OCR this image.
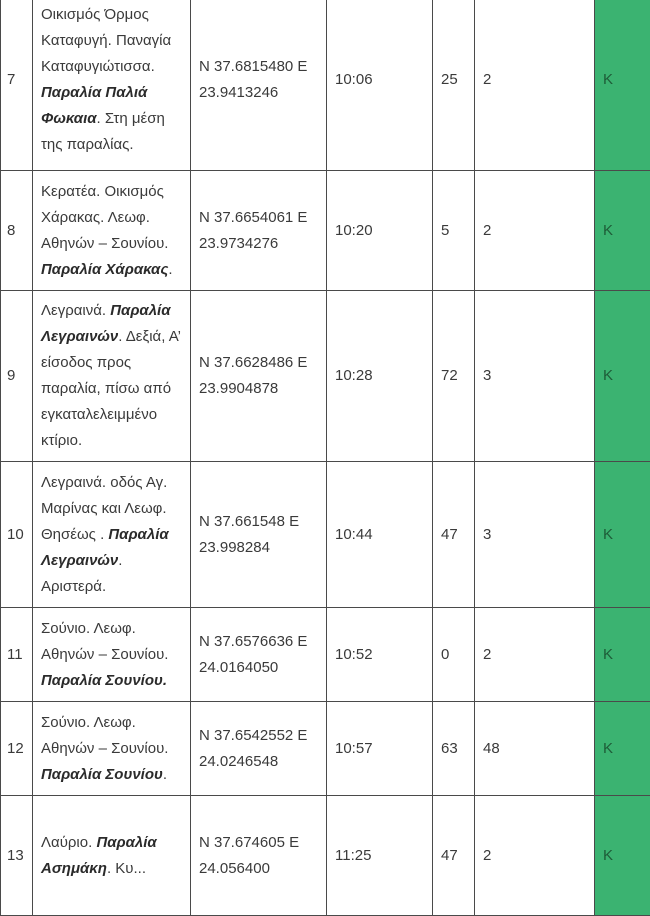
7	Οικισμός Όρμος Καταφυγή. Παναγία Καταφυγιώτισσα. Παραλία Παλιά Φωκαια. Στη μέση της παραλίας.	N 37.6815480 E 23.9413246	10:06	25	2	K
8	Κερατέα. Οικισμός Χάρακας. Λεωφ. Αθηνών – Σουνίου. Παραλία Χάρακας.	N 37.6654061 E 23.9734276	10:20	5	2	K
9	Λεγραινά. Παραλία Λεγραινών. Δεξιά, Α’ είσοδος προς παραλία, πίσω από εγκαταλελειμμένο κτίριο.	N 37.6628486 E 23.9904878	10:28	72	3	K
10	Λεγραινά. οδός Αγ. Μαρίνας και Λεωφ. Θησέως . Παραλία Λεγραινών. Αριστερά.	N 37.661548 E 23.998284	10:44	47	3	K
11	Σούνιο. Λεωφ. Αθηνών – Σουνίου. Παραλία Σουνίου.	N 37.6576636 E 24.0164050	10:52	0	2	K
12	Σούνιο. Λεωφ. Αθηνών – Σουνίου. Παραλία Σουνίου.	N 37.6542552 E 24.0246548	10:57	63	48	K
13	Λαύριο. Παραλία Ασημάκη. Κυ...	N 37.674605 E 24.056400	11:25	47	2	K
